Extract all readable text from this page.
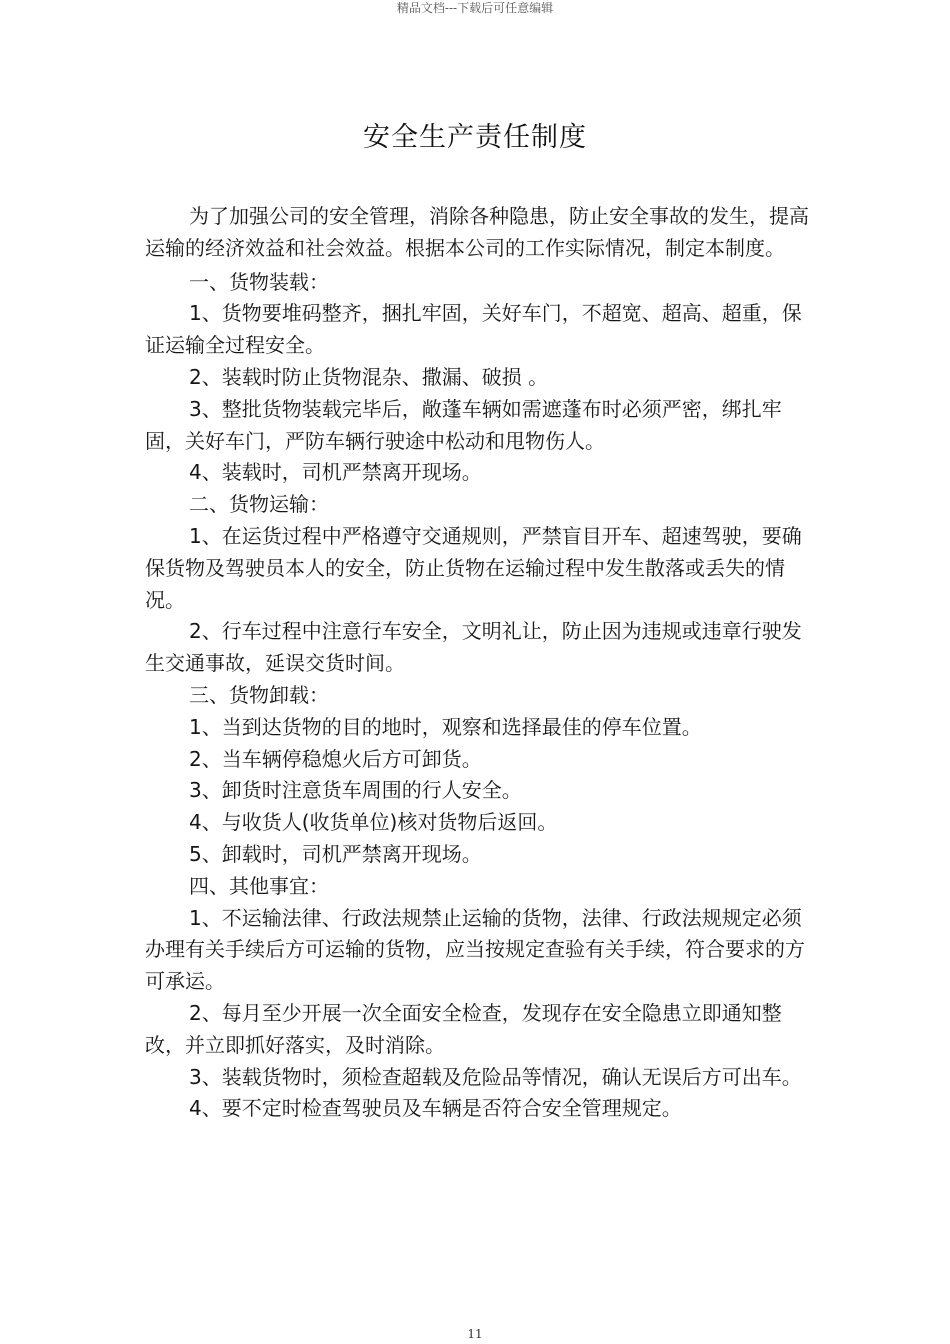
精品文档---下载后可任意编辑
安全生产责任制度

为了加强公司的安全管理，消除各种隐患，防止安全事故的发生，提高运输的经济效益和社会效益。根据本公司的工作实际情况，制定本制度。

一、货物装载：

1、货物要堆码整齐，捆扎牢固，关好车门，不超宽、超高、超重，保证运输全过程安全。

2、装载时防止货物混杂、撒漏、破损 。

3、整批货物装载完毕后，敞蓬车辆如需遮蓬布时必须严密，绑扎牢固，关好车门，严防车辆行驶途中松动和甩物伤人。

4、装载时，司机严禁离开现场。

二、货物运输：

1、在运货过程中严格遵守交通规则，严禁盲目开车、超速驾驶，要确保货物及驾驶员本人的安全，防止货物在运输过程中发生散落或丢失的情况。

2、行车过程中注意行车安全，文明礼让，防止因为违规或违章行驶发生交通事故，延误交货时间。

三、货物卸载：

1、当到达货物的目的地时，观察和选择最佳的停车位置。

2、当车辆停稳熄火后方可卸货。

3、卸货时注意货车周围的行人安全。

4、与收货人(收货单位)核对货物后返回。

5、卸载时，司机严禁离开现场。

四、其他事宜：

1、不运输法律、行政法规禁止运输的货物，法律、行政法规规定必须办理有关手续后方可运输的货物，应当按规定查验有关手续，符合要求的方可承运。

2、每月至少开展一次全面安全检查，发现存在安全隐患立即通知整改，并立即抓好落实，及时消除。

3、装载货物时，须检查超载及危险品等情况，确认无误后方可出车。

4、要不定时检查驾驶员及车辆是否符合安全管理规定。

11
